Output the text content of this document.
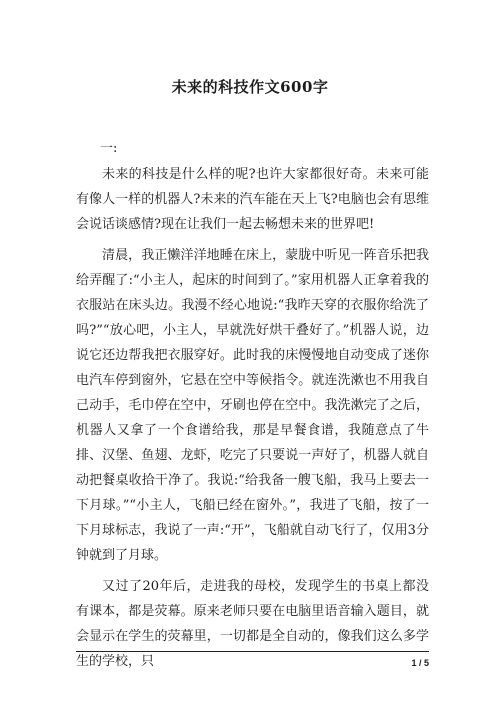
未来的科技作文600字
一:

未来的科技是什么样的呢?也许大家都很好奇。未来可能有像人一样的机器人?未来的汽车能在天上飞?电脑也会有思维会说话谈感情?现在让我们一起去畅想未来的世界吧!

清晨，我正懒洋洋地睡在床上，蒙胧中听见一阵音乐把我给弄醒了:“小主人，起床的时间到了。”家用机器人正拿着我的衣服站在床头边。我漫不经心地说:“我昨天穿的衣服你给洗了吗?”“放心吧，小主人，早就洗好烘干叠好了。”机器人说，边说它还边帮我把衣服穿好。此时我的床慢慢地自动变成了迷你电汽车停到窗外，它悬在空中等候指令。就连洗漱也不用我自己动手，毛巾停在空中，牙刷也停在空中。我洗漱完了之后，机器人又拿了一个食谱给我，那是早餐食谱，我随意点了牛排、汉堡、鱼翅、龙虾，吃完了只要说一声好了，机器人就自动把餐桌收拾干净了。我说:“给我备一艘飞船，我马上要去一下月球。”“小主人，飞船已经在窗外。”，我进了飞船，按了一下月球标志，我说了一声:“开”，飞船就自动飞行了，仅用3分钟就到了月球。

又过了20年后，走进我的母校，发现学生的书桌上都没有课本，都是荧幕。原来老师只要在电脑里语音输入题目，就会显示在学生的荧幕里，一切都是全自动的，像我们这么多学生的学校，只	1 / 5
